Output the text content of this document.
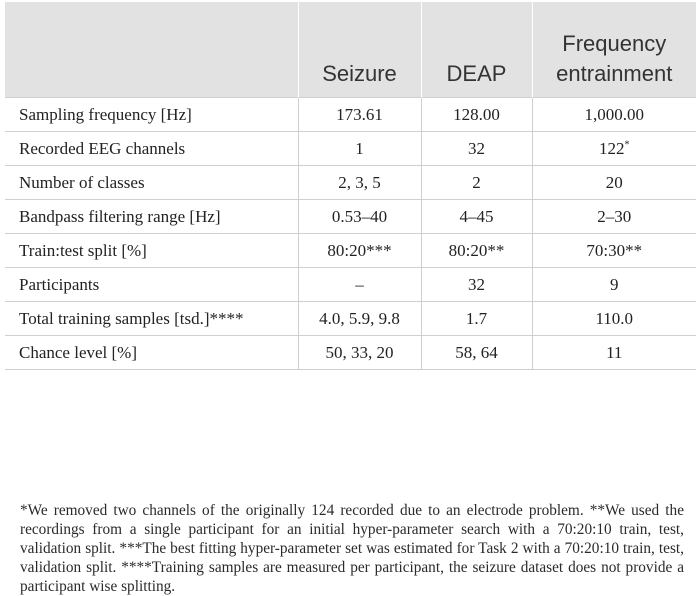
	Seizure	DEAP	Frequency entrainment
Sampling frequency [Hz]	173.61	128.00	1,000.00
Recorded EEG channels	1	32	122*
Number of classes	2, 3, 5	2	20
Bandpass filtering range [Hz]	0.53–40	4–45	2–30
Train:test split [%]	80:20***	80:20**	70:30**
Participants	–	32	9
Total training samples [tsd.]****	4.0, 5.9, 9.8	1.7	110.0
Chance level [%]	50, 33, 20	58, 64	11

*We removed two channels of the originally 124 recorded due to an electrode problem. **We used the recordings from a single participant for an initial hyper-parameter search with a 70:20:10 train, test, validation split. ***The best fitting hyper-parameter set was estimated for Task 2 with a 70:20:10 train, test, validation split. ****Training samples are measured per participant, the seizure dataset does not provide a participant wise splitting.
